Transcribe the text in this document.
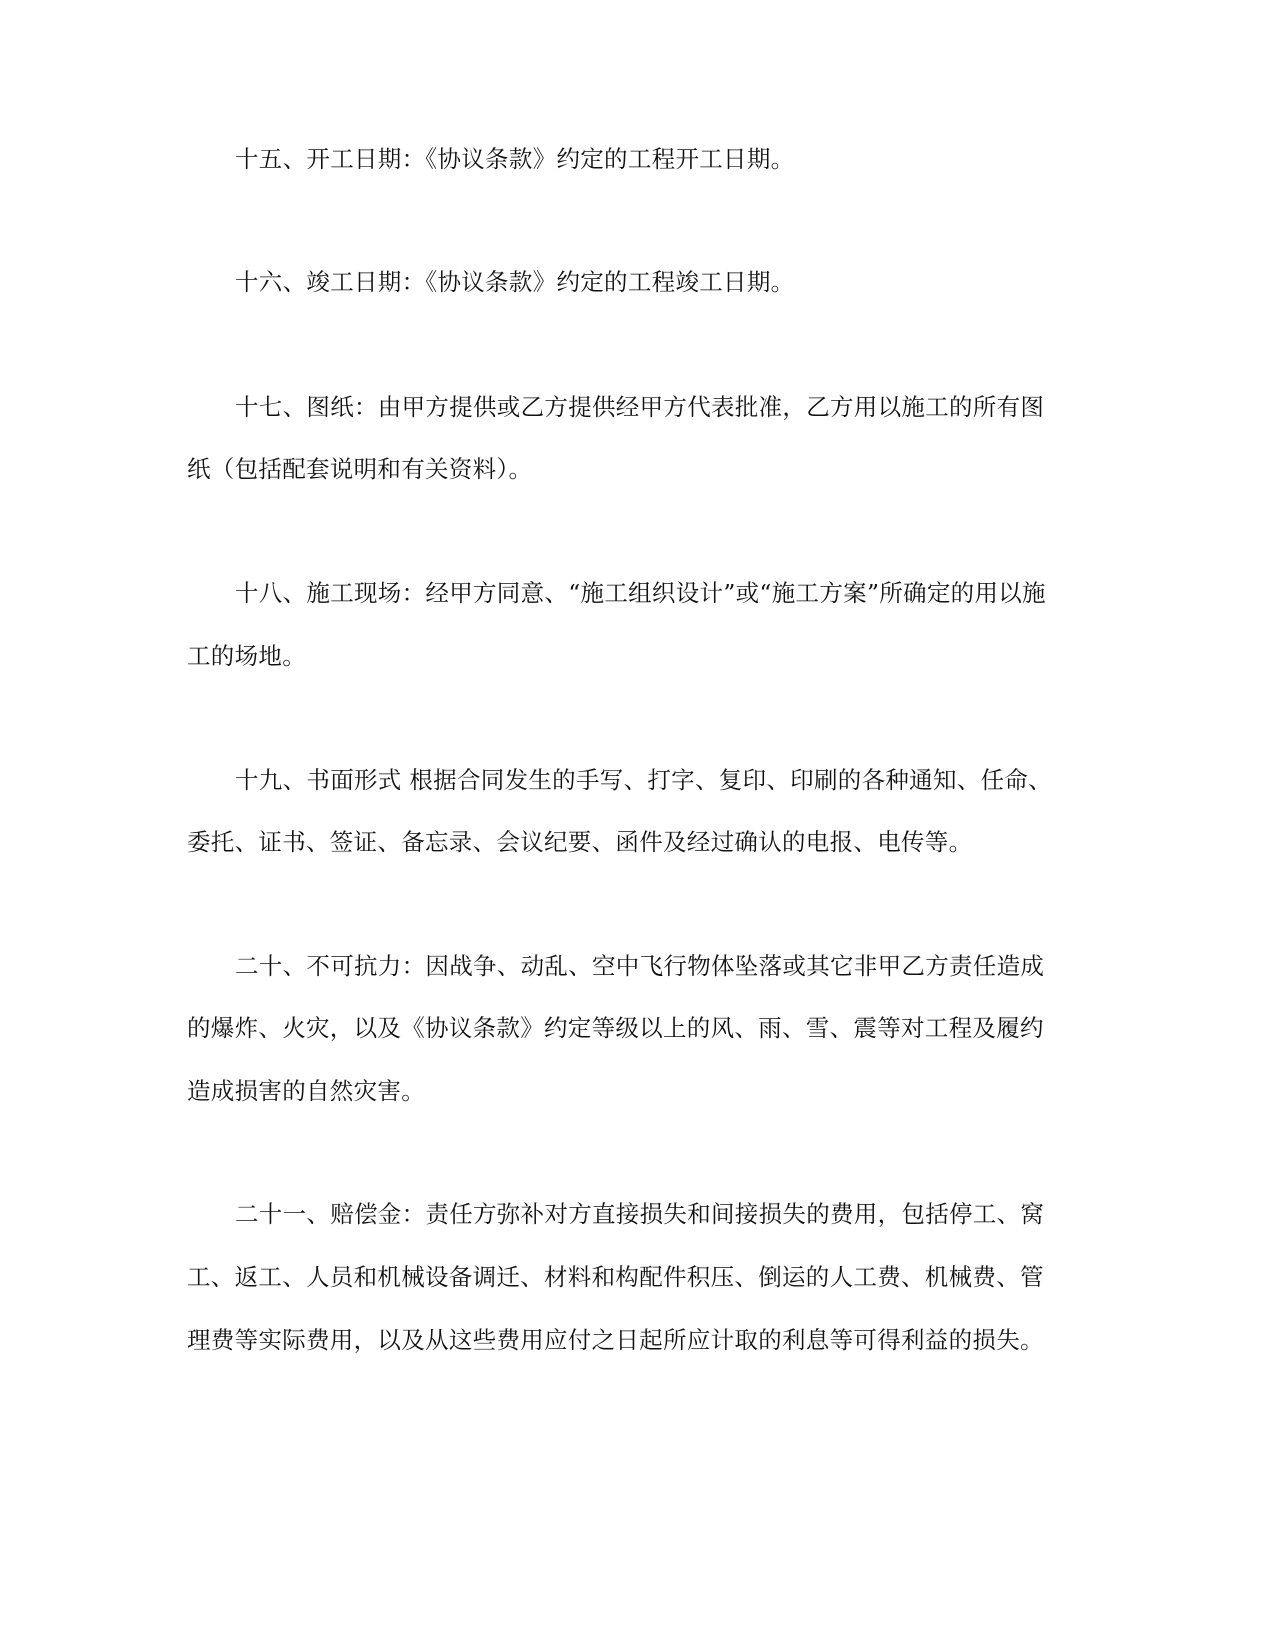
十五、开工日期：《协议条款》约定的工程开工日期。
十六、竣工日期：《协议条款》约定的工程竣工日期。
十七、图纸：由甲方提供或乙方提供经甲方代表批准，乙方用以施工的所有图
纸（包括配套说明和有关资料）。
十八、施工现场：经甲方同意、“施工组织设计”或“施工方案”所确定的用以施
工的场地。
十九、书面形式 根据合同发生的手写、打字、复印、印刷的各种通知、任命、
委托、证书、签证、备忘录、会议纪要、函件及经过确认的电报、电传等。
二十、不可抗力：因战争、动乱、空中飞行物体坠落或其它非甲乙方责任造成
的爆炸、火灾，以及《协议条款》约定等级以上的风、雨、雪、震等对工程及履约
造成损害的自然灾害。
二十一、赔偿金：责任方弥补对方直接损失和间接损失的费用，包括停工、窝
工、返工、人员和机械设备调迁、材料和构配件积压、倒运的人工费、机械费、管
理费等实际费用，以及从这些费用应付之日起所应计取的利息等可得利益的损失。
